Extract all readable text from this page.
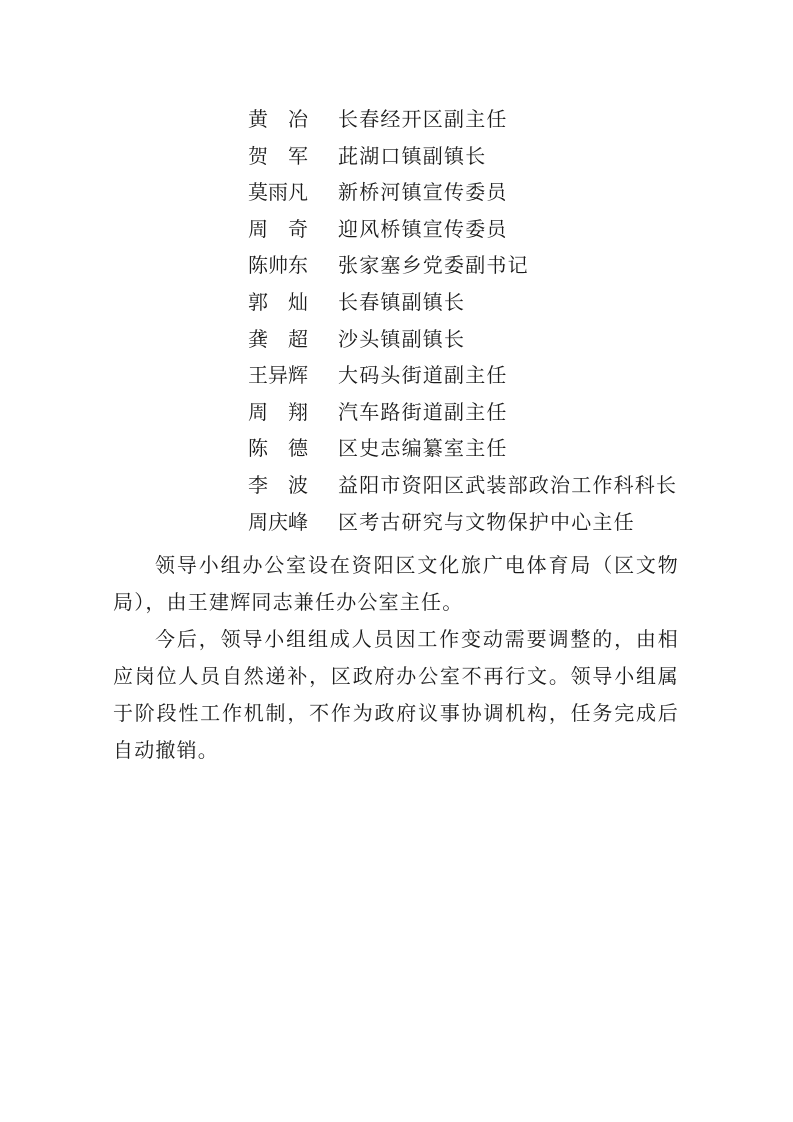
黄冶 长春经开区副主任
贺军 茈湖口镇副镇长
莫雨凡	新桥河镇宣传委员
周奇 迎风桥镇宣传委员
陈帅东	张家塞乡党委副书记
郭灿 长春镇副镇长
龚超 沙头镇副镇长
王异辉	大码头街道副主任
周翔 汽车路街道副主任
陈德 区史志编纂室主任
李波 益阳市资阳区武装部政治工作科科长
周庆峰	区考古研究与文物保护中心主任

领导小组办公室设在资阳区文化旅广电体育局（区文物局），由王建辉同志兼任办公室主任。

今后，领导小组组成人员因工作变动需要调整的，由相应岗位人员自然递补，区政府办公室不再行文。领导小组属于阶段性工作机制，不作为政府议事协调机构，任务完成后自动撤销。
